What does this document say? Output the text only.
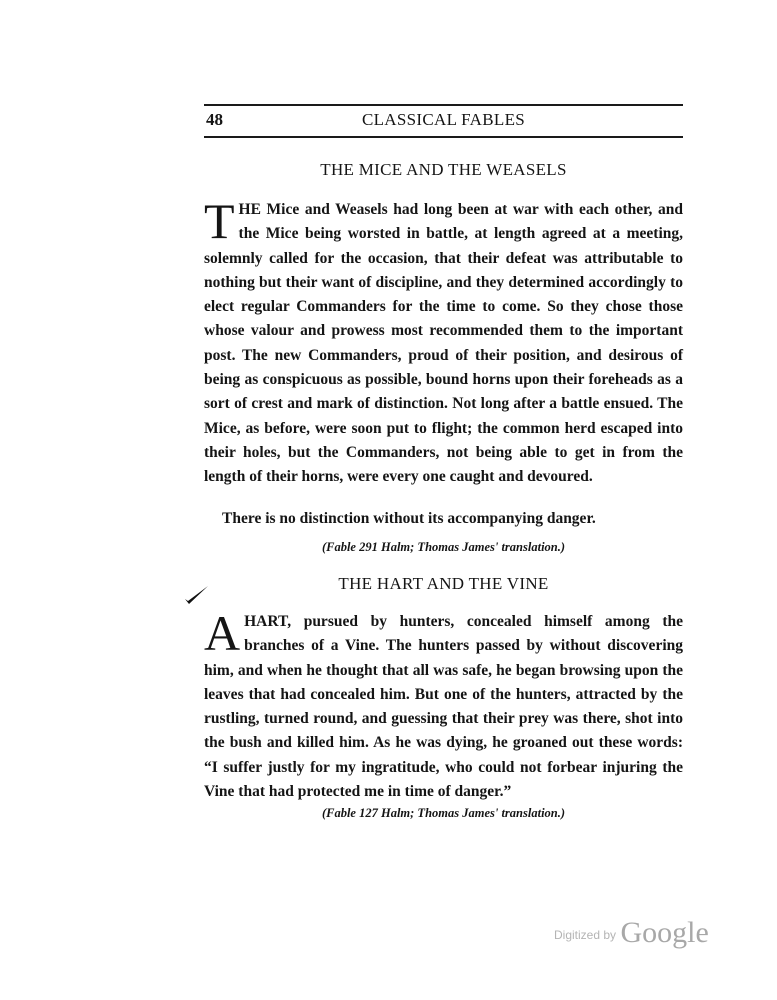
48	CLASSICAL FABLES
THE MICE AND THE WEASELS

THE Mice and Weasels had long been at war with each other, and the Mice being worsted in battle, at length agreed at a meeting, solemnly called for the occasion, that their defeat was attributable to nothing but their want of discipline, and they determined accordingly to elect regular Commanders for the time to come. So they chose those whose valour and prowess most recommended them to the important post. The new Commanders, proud of their position, and desirous of being as conspicuous as possible, bound horns upon their foreheads as a sort of crest and mark of distinction. Not long after a battle ensued. The Mice, as before, were soon put to flight; the common herd escaped into their holes, but the Commanders, not being able to get in from the length of their horns, were every one caught and devoured.

There is no distinction without its accompanying danger.
(Fable 291 Halm; Thomas James' translation.)
THE HART AND THE VINE

AHART, pursued by hunters, concealed himself among the branches of a Vine. The hunters passed by without discovering him, and when he thought that all was safe, he began browsing upon the leaves that had concealed him. But one of the hunters, attracted by the rustling, turned round, and guessing that their prey was there, shot into the bush and killed him. As he was dying, he groaned out these words: “I suffer justly for my ingratitude, who could not forbear injuring the Vine that had protected me in time of danger.”

(Fable 127 Halm; Thomas James' translation.)
Digitized by Google
